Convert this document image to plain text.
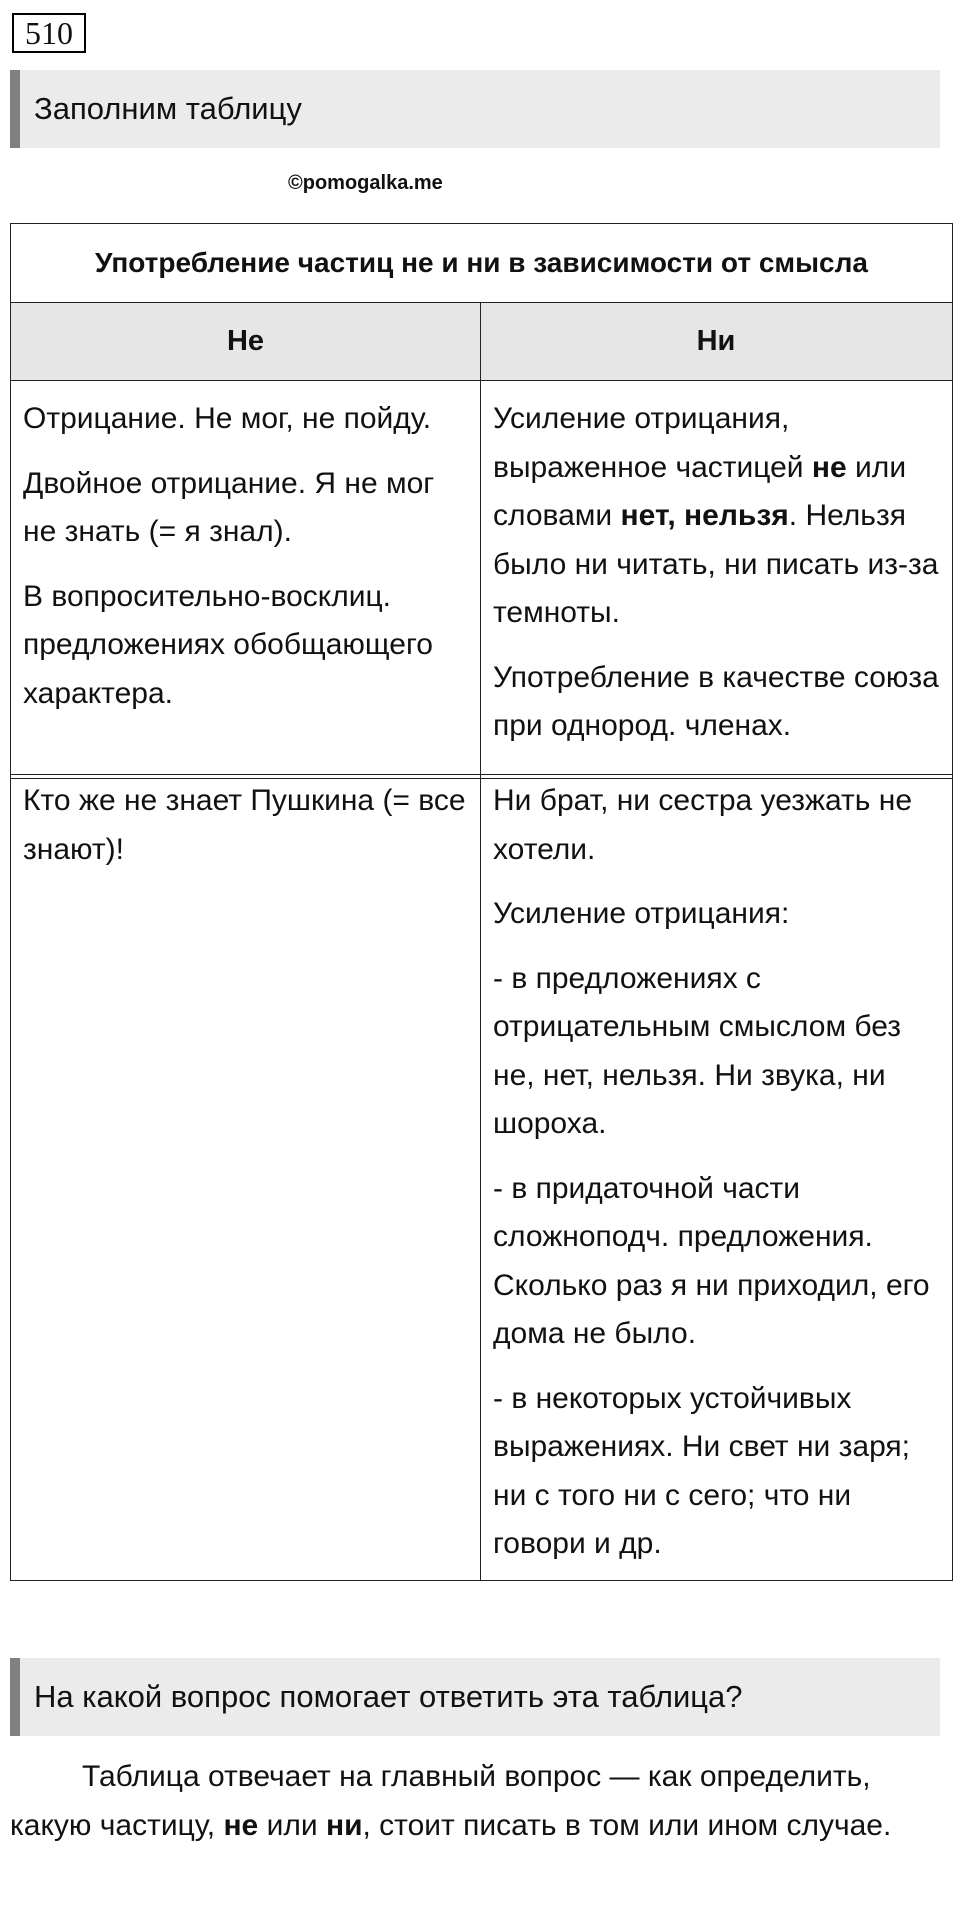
510
Заполним таблицу
©pomogalka.me
Употребление частиц не и ни в зависимости от смысла
Не	Ни

Отрицание. Не мог, не пойду.

Двойное отрицание. Я не мог не знать (= я знал).

В вопросительно-восклиц. предложениях обобщающего характера.

Усиление отрицания, выраженное частицей не или словами нет, нельзя. Нельзя было ни читать, ни писать из-за темноты.

Употребление в качестве союза при однород. членах.

Кто же не знает Пушкина (= все знают)!

Ни брат, ни сестра уезжать не хотели.

Усиление отрицания:

- в предложениях с отрицательным смыслом без не, нет, нельзя. Ни звука, ни шороха.

- в придаточной части сложноподч. предложения. Сколько раз я ни приходил, его дома не было.

- в некоторых устойчивых выражениях. Ни свет ни заря; ни с того ни с сего; что ни говори и др.

На какой вопрос помогает ответить эта таблица?
Таблица отвечает на главный вопрос — как определить, какую частицу, не или ни, стоит писать в том или ином случае.
